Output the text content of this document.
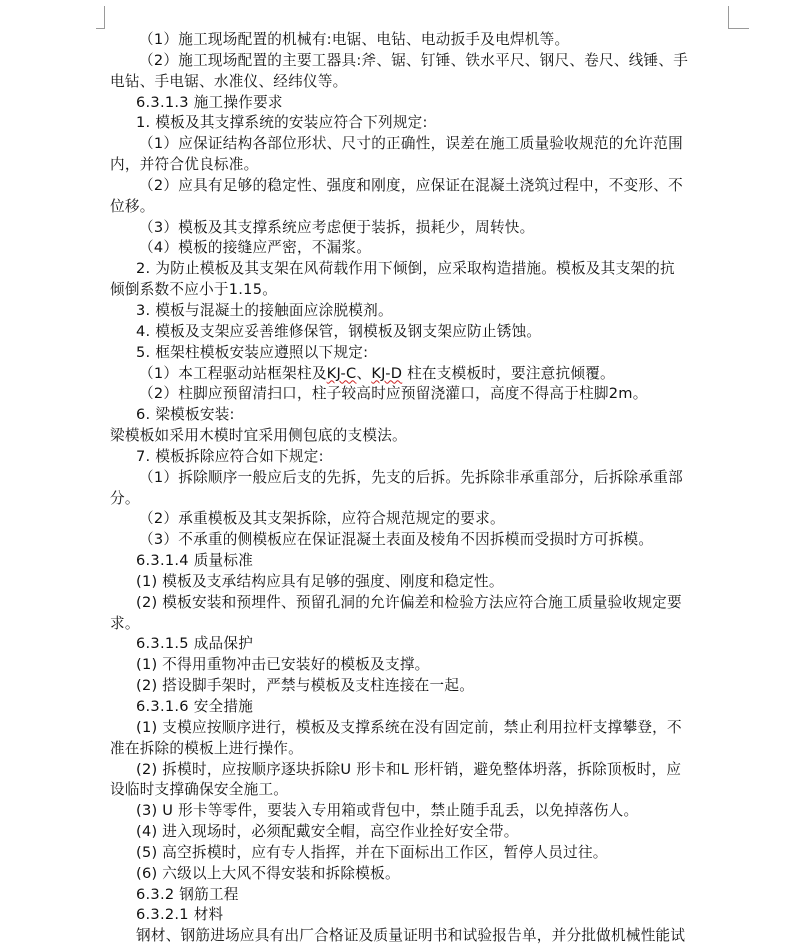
（1）施工现场配置的机械有:电锯、电钻、电动扳手及电焊机等。
（2）施工现场配置的主要工器具:斧、锯、钉锤、铁水平尺、钢尺、卷尺、线锤、手
电钻、手电锯、水准仪、经纬仪等。
6.3.1.3 施工操作要求
1. 模板及其支撑系统的安装应符合下列规定:
（1）应保证结构各部位形状、尺寸的正确性，误差在施工质量验收规范的允许范围
内，并符合优良标准。
（2）应具有足够的稳定性、强度和刚度，应保证在混凝土浇筑过程中，不变形、不
位移。
（3）模板及其支撑系统应考虑便于装拆，损耗少，周转快。
（4）模板的接缝应严密，不漏浆。
2. 为防止模板及其支架在风荷载作用下倾倒，应采取构造措施。模板及其支架的抗
倾倒系数不应小于1.15。
3. 模板与混凝土的接触面应涂脱模剂。
4. 模板及支架应妥善维修保管，钢模板及钢支架应防止锈蚀。
5. 框架柱模板安装应遵照以下规定:
（1）本工程驱动站框架柱及KJ-C、KJ-D 柱在支模板时，要注意抗倾覆。
（2）柱脚应预留清扫口，柱子较高时应预留浇灌口，高度不得高于柱脚2m。
6. 梁模板安装:
梁模板如采用木模时宜采用侧包底的支模法。
7. 模板拆除应符合如下规定:
（1）拆除顺序一般应后支的先拆，先支的后拆。先拆除非承重部分，后拆除承重部
分。
（2）承重模板及其支架拆除，应符合规范规定的要求。
（3）不承重的侧模板应在保证混凝土表面及棱角不因拆模而受损时方可拆模。
6.3.1.4 质量标准
(1) 模板及支承结构应具有足够的强度、刚度和稳定性。
(2) 模板安装和预埋件、预留孔洞的允许偏差和检验方法应符合施工质量验收规定要
求。
6.3.1.5 成品保护
(1) 不得用重物冲击已安装好的模板及支撑。
(2) 搭设脚手架时，严禁与模板及支柱连接在一起。
6.3.1.6 安全措施
(1) 支模应按顺序进行，模板及支撑系统在没有固定前，禁止利用拉杆支撑攀登，不
准在拆除的模板上进行操作。
(2) 拆模时，应按顺序逐块拆除U 形卡和L 形杆销，避免整体坍落，拆除顶板时，应
设临时支撑确保安全施工。
(3) U 形卡等零件，要装入专用箱或背包中，禁止随手乱丢，以免掉落伤人。
(4) 进入现场时，必须配戴安全帽，高空作业拴好安全带。
(5) 高空拆模时，应有专人指挥，并在下面标出工作区，暂停人员过往。
(6) 六级以上大风不得安装和拆除模板。
6.3.2 钢筋工程
6.3.2.1 材料
钢材、钢筋进场应具有出厂合格证及质量证明书和试验报告单，并分批做机械性能试
